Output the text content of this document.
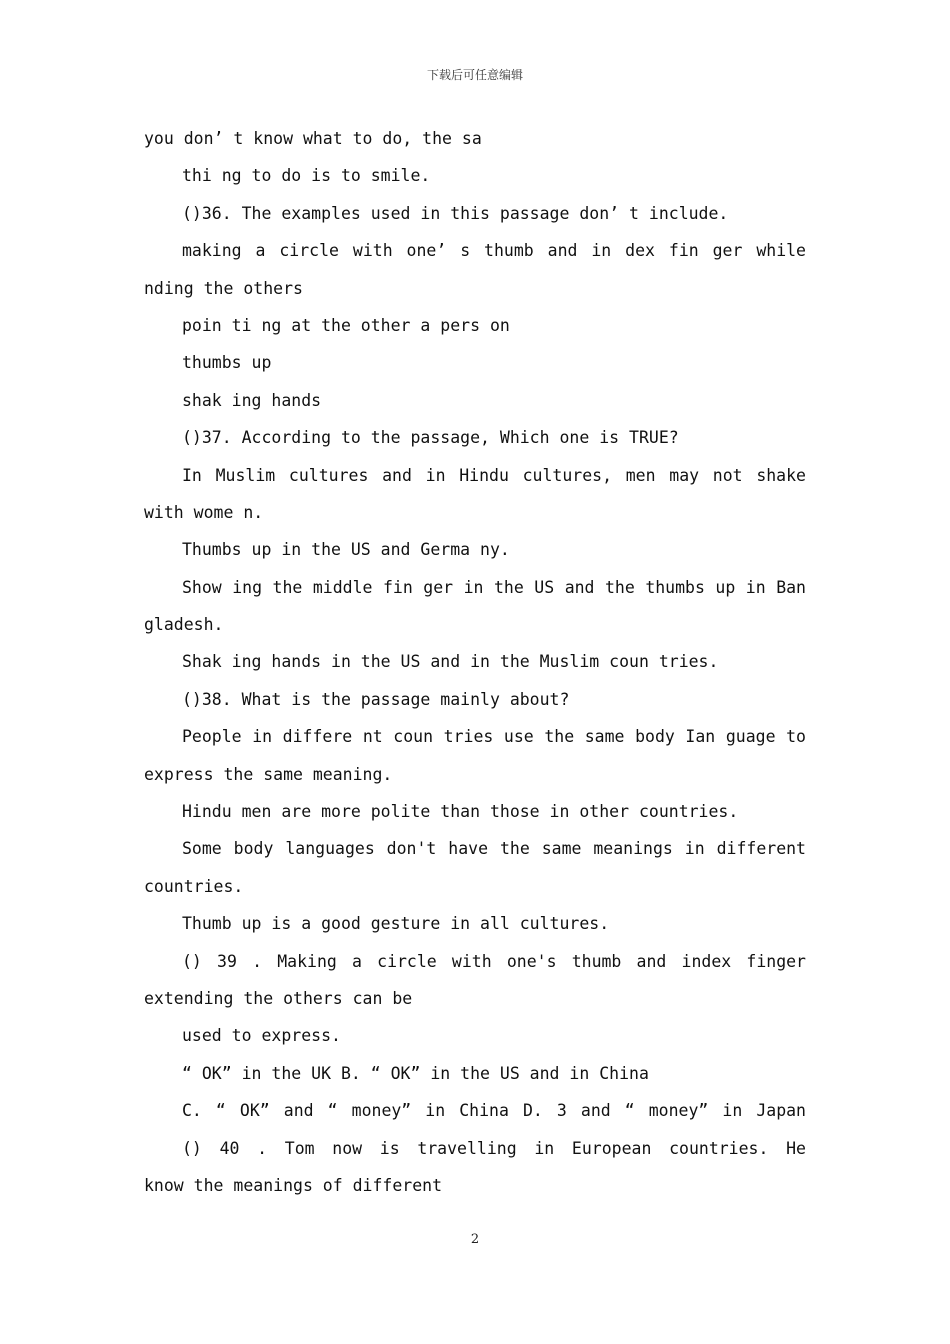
下载后可任意编辑
you don’ t know what to do, the sa
thi ng to do is to smile.
()36. The examples used in this passage don’ t include.
making a circle with one’ s thumb and in dex fin ger while
nding the others
poin ti ng at the other a pers on
thumbs up
shak ing hands
()37. According to the passage, Which one is TRUE?
In Muslim cultures and in Hindu cultures, men may not shake
with wome n.
Thumbs up in the US and Germa ny.
Show ing the middle fin ger in the US and the thumbs up in Ban
gladesh.
Shak ing hands in the US and in the Muslim coun tries.
()38. What is the passage mainly about?
People in differe nt coun tries use the same body Ian guage to
express the same meaning.
Hindu men are more polite than those in other countries.
Some body languages don't have the same meanings in different
countries.
Thumb up is a good gesture in all cultures.
() 39 . Making a circle with one's thumb and index finger
extending the others can be
used to express.
“ OK” in the UK B. “ OK” in the US and in China
C. “ OK” and “ money” in China D. 3 and “ money” in Japan
() 40 . Tom now is travelling in European countries. He
know the meanings of different
2
